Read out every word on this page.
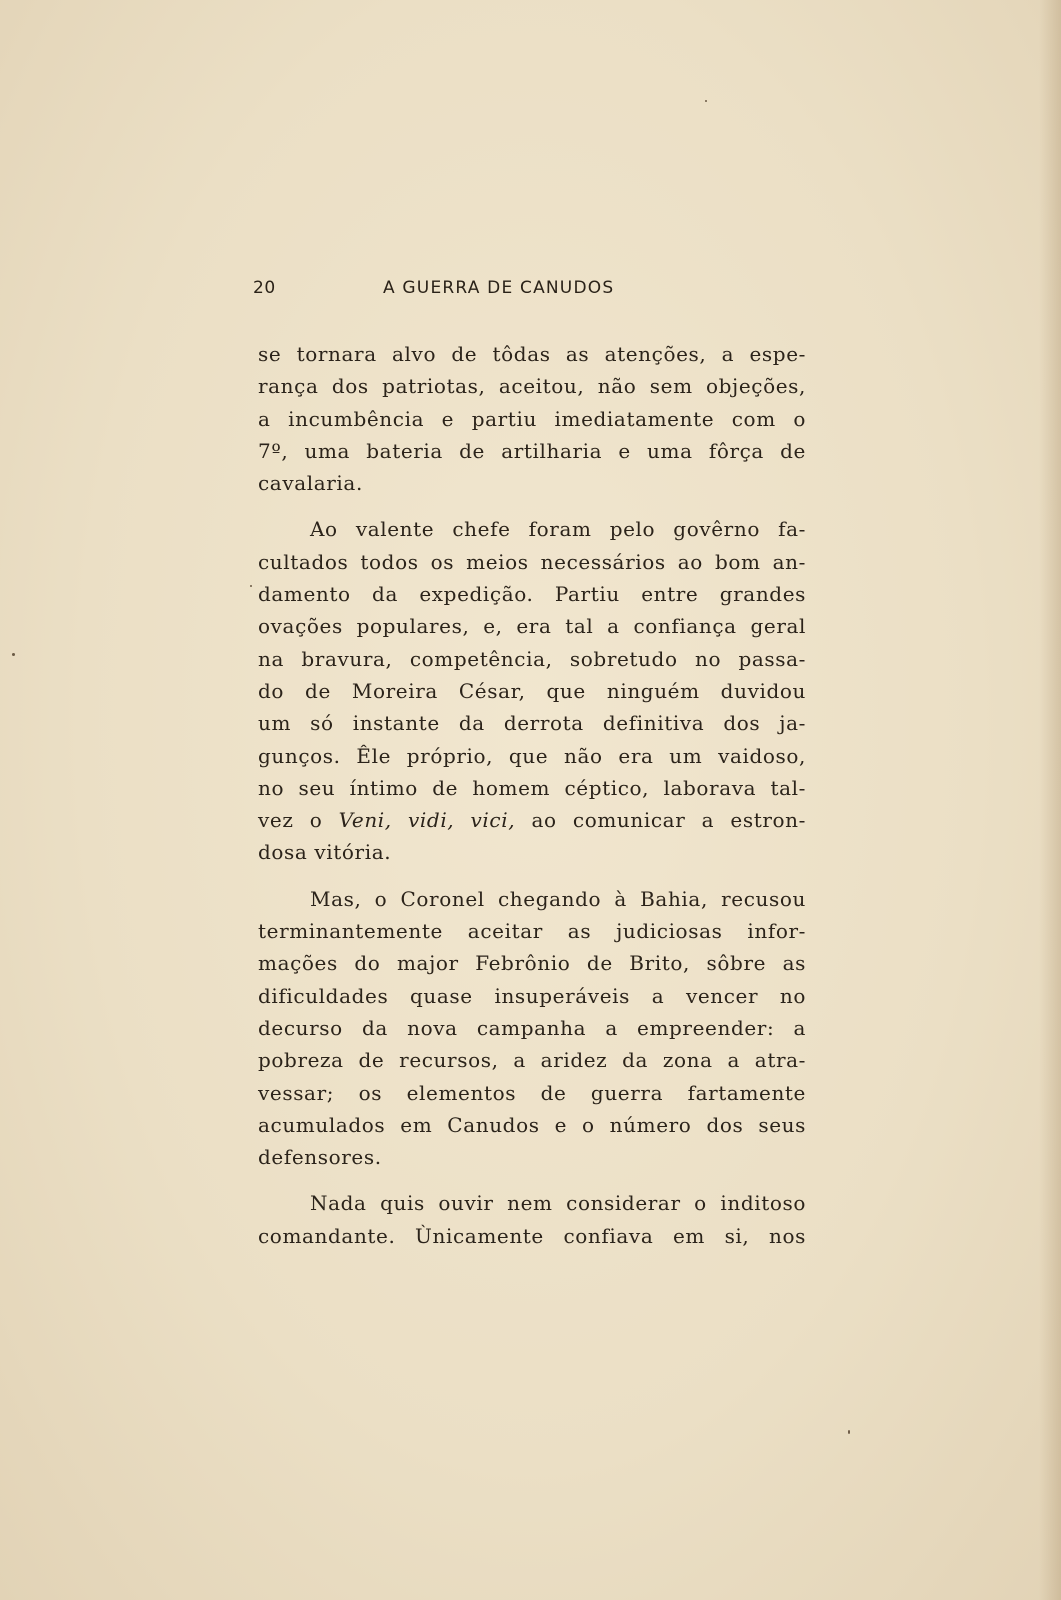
20	A GUERRA DE CANUDOS
se tornara alvo de tôdas as atenções, a espe-
rança dos patriotas, aceitou, não sem objeções,
a incumbência e partiu imediatamente com o
7º, uma bateria de artilharia e uma fôrça de
cavalaria.
Ao valente chefe foram pelo govêrno fa-
cultados todos os meios necessários ao bom an-
damento da expedição. Partiu entre grandes
ovações populares, e, era tal a confiança geral
na bravura, competência, sobretudo no passa-
do de Moreira César, que ninguém duvidou
um só instante da derrota definitiva dos ja-
gunços. Êle próprio, que não era um vaidoso,
no seu íntimo de homem céptico, laborava tal-
vez o Veni, vidi, vici, ao comunicar a estron-
dosa vitória.
Mas, o Coronel chegando à Bahia, recusou
terminantemente aceitar as judiciosas infor-
mações do major Febrônio de Brito, sôbre as
dificuldades quase insuperáveis a vencer no
decurso da nova campanha a empreender: a
pobreza de recursos, a aridez da zona a atra-
vessar; os elementos de guerra fartamente
acumulados em Canudos e o número dos seus
defensores.
Nada quis ouvir nem considerar o inditoso
comandante. Ùnicamente confiava em si, nos
